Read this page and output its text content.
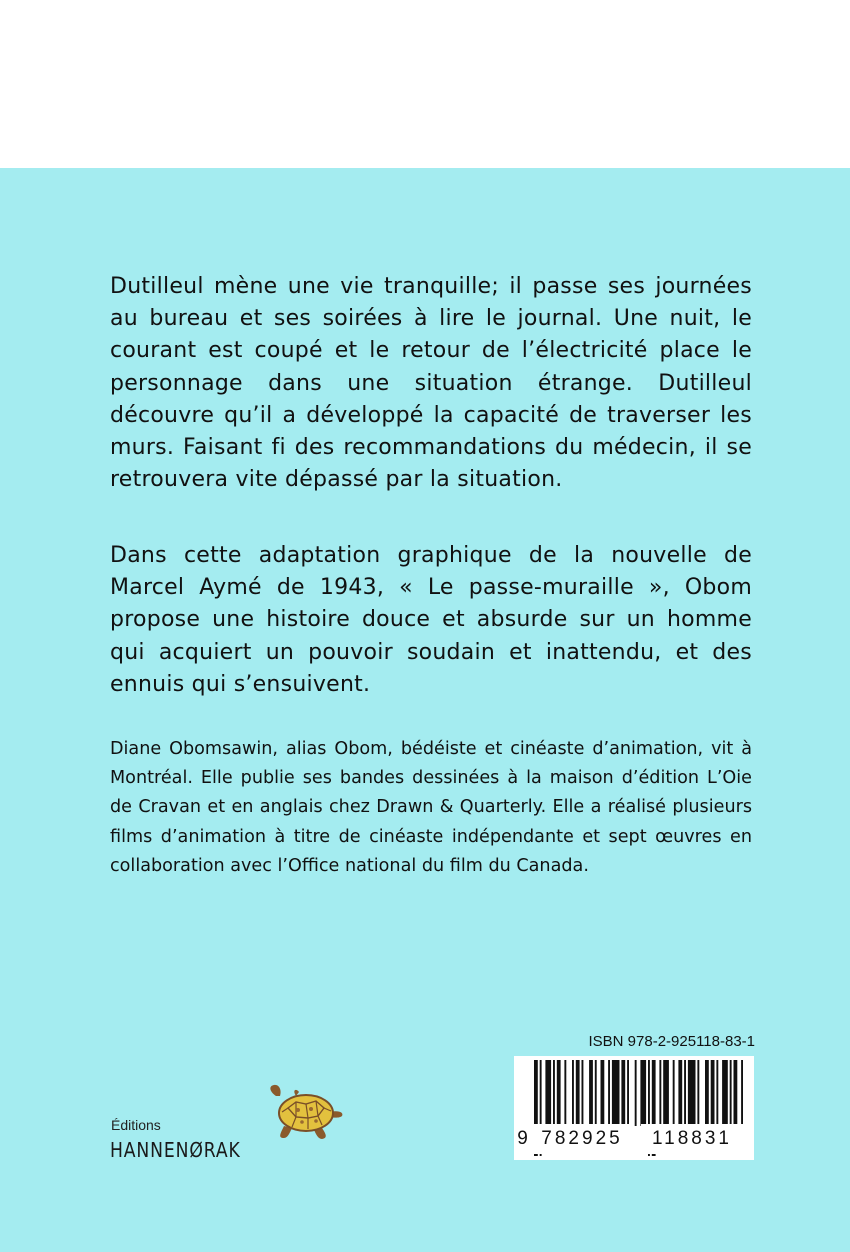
Dutilleul mène une vie tranquille; il passe ses journées au bureau et ses soirées à lire le journal. Une nuit, le courant est coupé et le retour de l’électricité place le personnage dans une situation étrange. Dutilleul découvre qu’il a développé la capacité de traverser les murs. Faisant fi des recommandations du médecin, il se retrouvera vite dépassé par la situation.

Dans cette adaptation graphique de la nouvelle de Marcel Aymé de 1943, « Le passe-muraille », Obom propose une histoire douce et absurde sur un homme qui acquiert un pouvoir soudain et inattendu, et des ennuis qui s’ensuivent.

Diane Obomsawin, alias Obom, bédéiste et cinéaste d’animation, vit à Montréal. Elle publie ses bandes dessinées à la maison d’édition L’Oie de Cravan et en anglais chez Drawn & Quarterly. Elle a réalisé plusieurs films d’animation à titre de cinéaste indépendante et sept œuvres en collaboration avec l’Office national du film du Canada.

ISBN 978-2-925118-83-1
9 782925	118831
Éditions
HANNENØRAK
